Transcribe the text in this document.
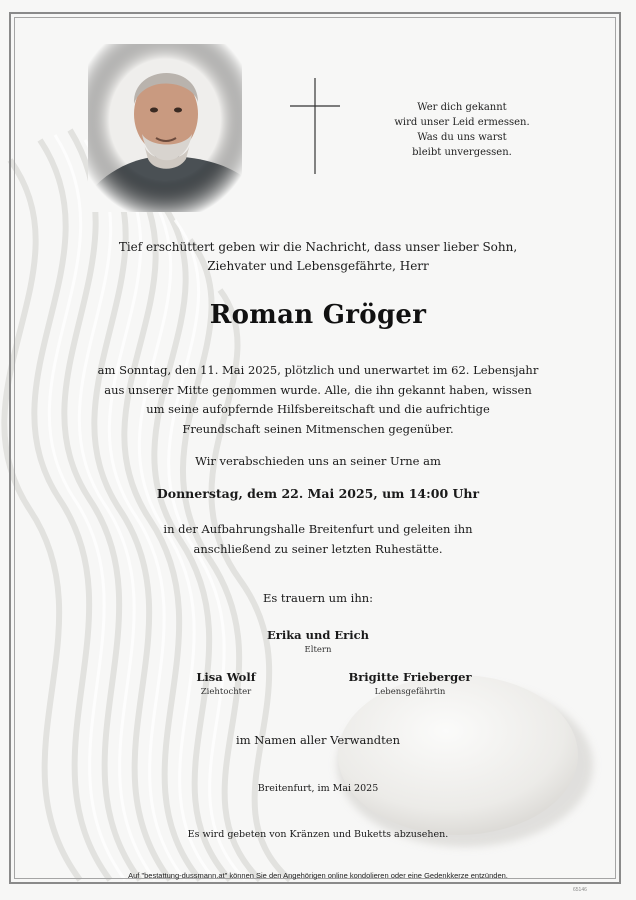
Wer dich gekannt
wird unser Leid ermessen.
Was du uns warst
bleibt unvergessen.
Tief erschüttert geben wir die Nachricht, dass unser lieber Sohn,
Ziehvater und Lebensgefährte, Herr
Roman Gröger
am Sonntag, den 11. Mai 2025, plötzlich und unerwartet im 62. Lebensjahr
aus unserer Mitte genommen wurde. Alle, die ihn gekannt haben, wissen
um seine aufopfernde Hilfsbereitschaft und die aufrichtige
Freundschaft seinen Mitmenschen gegenüber.
Wir verabschieden uns an seiner Urne am
Donnerstag, dem 22. Mai 2025, um 14:00 Uhr
in der Aufbahrungshalle Breitenfurt und geleiten ihn
anschließend zu seiner letzten Ruhestätte.
Es trauern um ihn:
Erika und Erich
Eltern
Lisa Wolf
Ziehtochter
Brigitte Frieberger
Lebensgefährtin
im Namen aller Verwandten
Breitenfurt, im Mai 2025
Es wird gebeten von Kränzen und Buketts abzusehen.
Auf "bestattung-dussmann.at" können Sie den Angehörigen online kondolieren oder eine Gedenkkerze entzünden.
65146
